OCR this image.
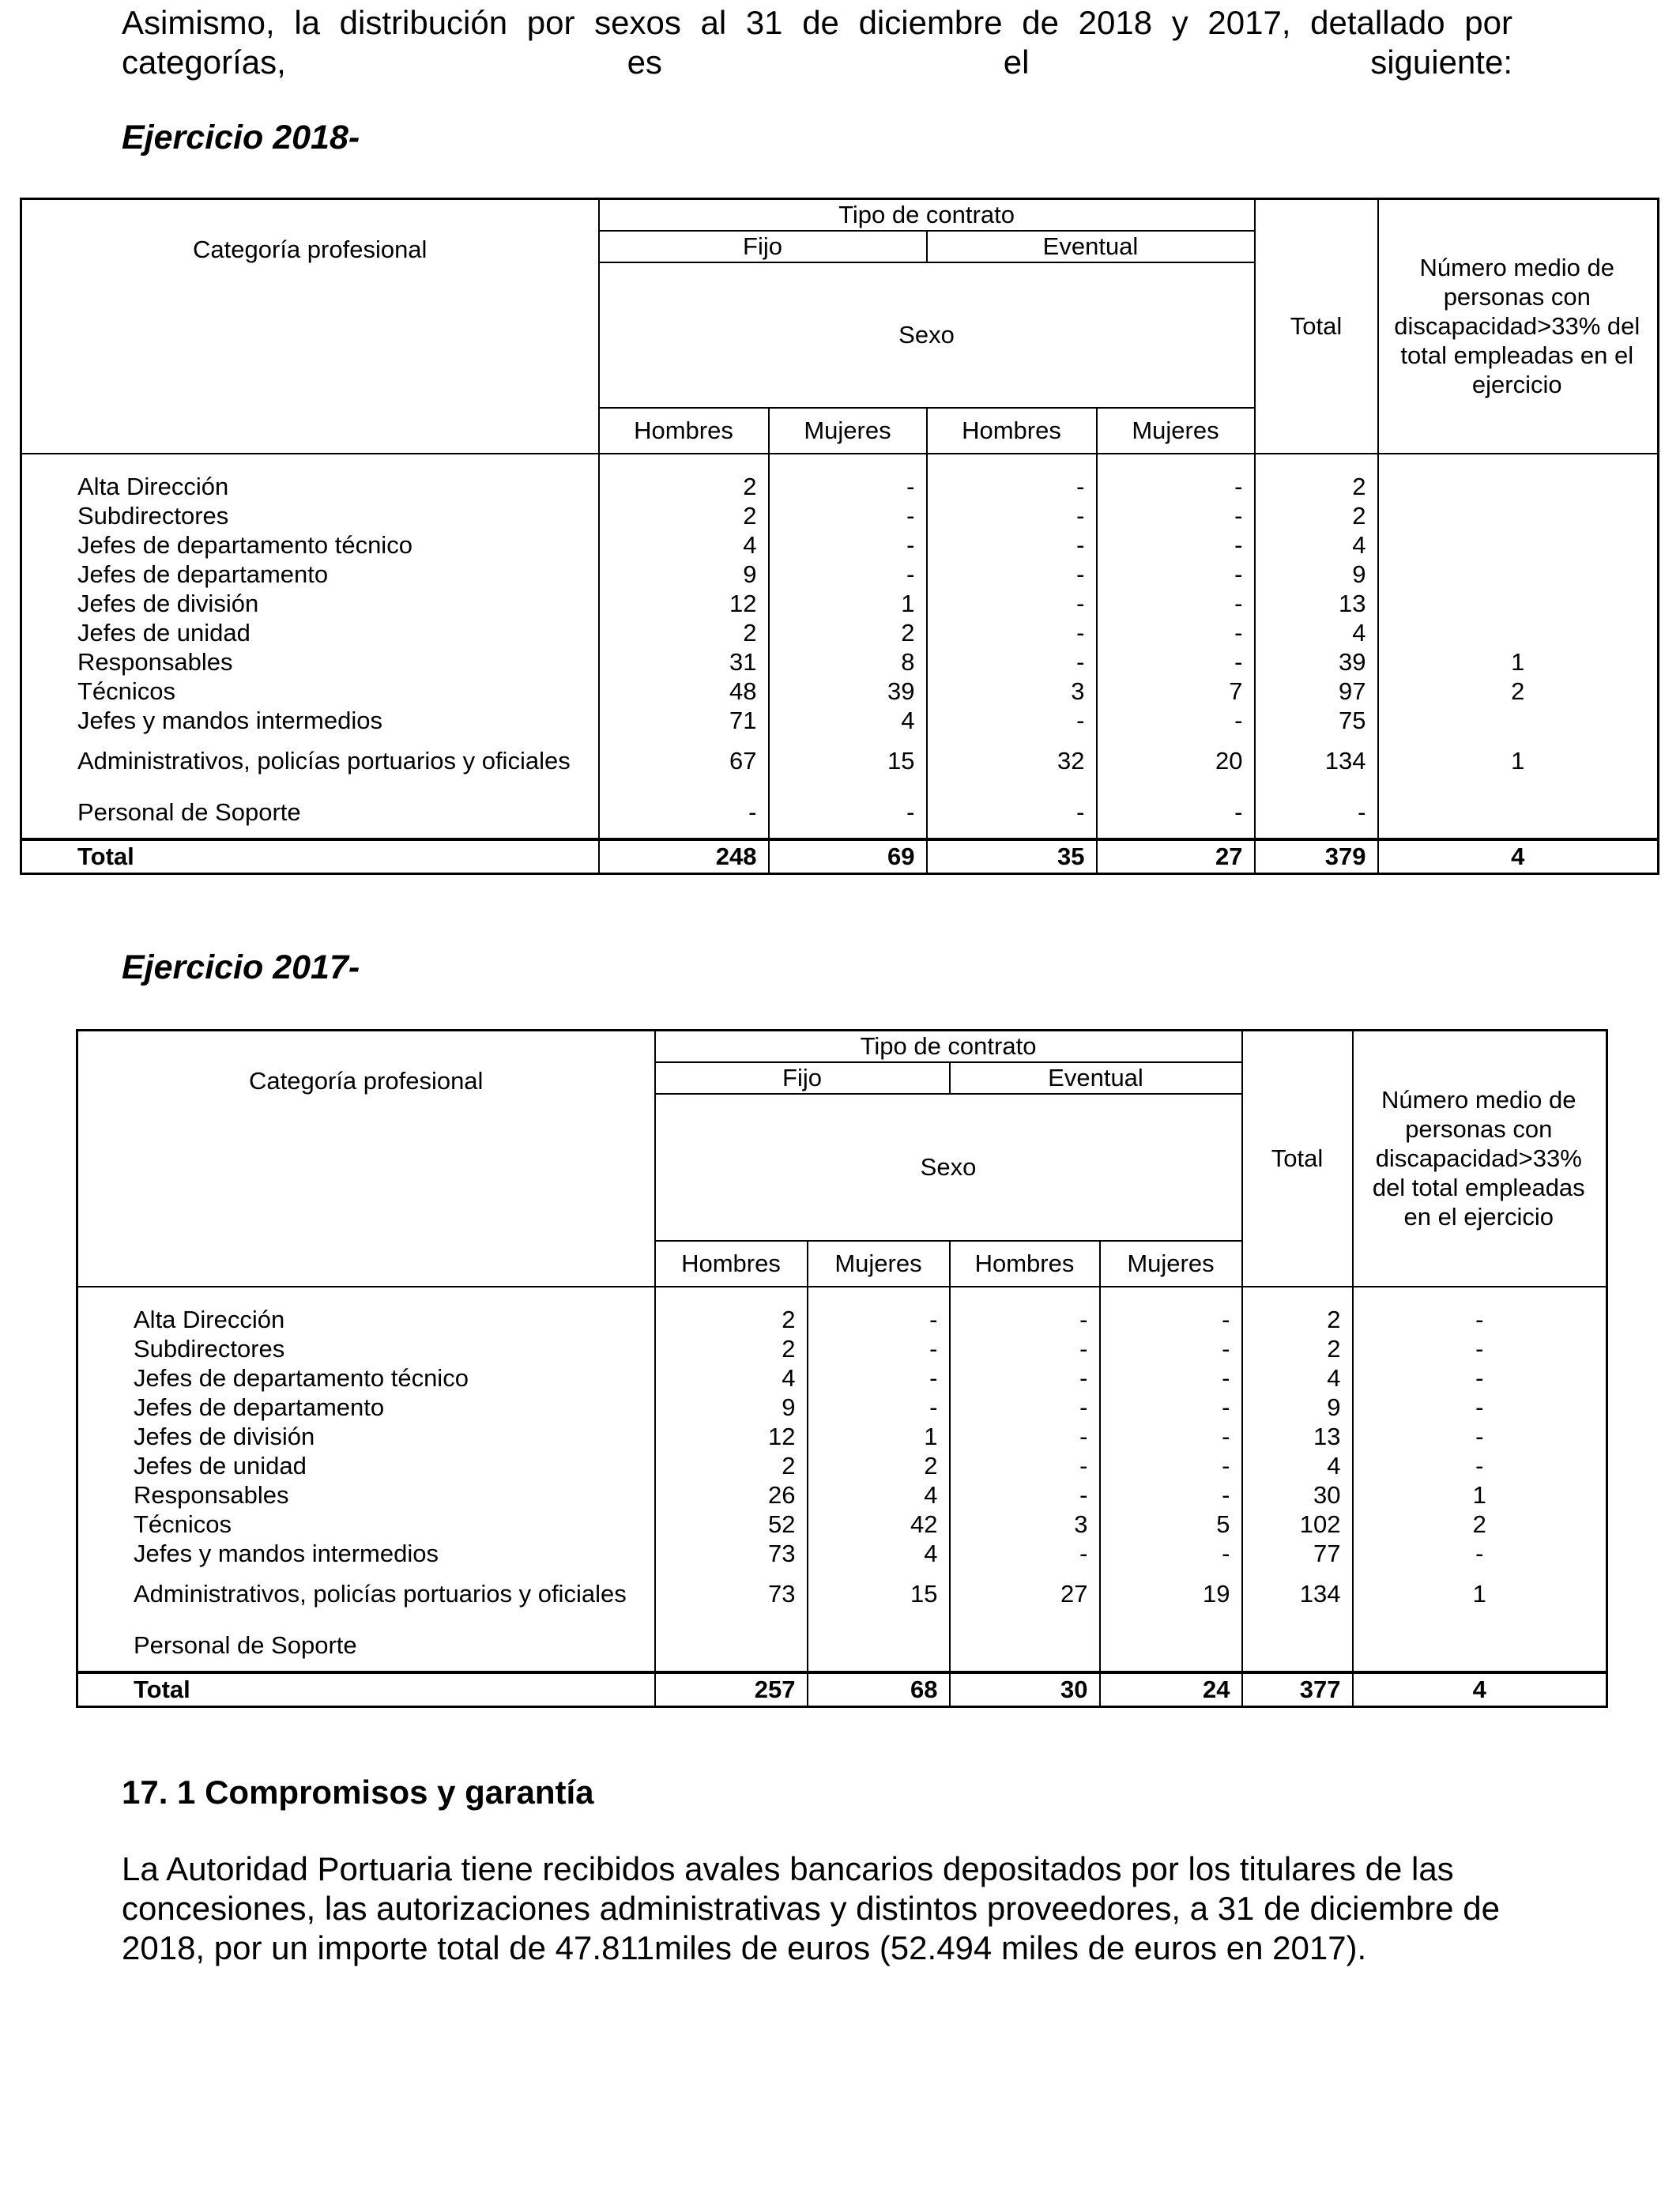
Asimismo, la distribución por sexos al 31 de diciembre de 2018 y 2017, detallado por categorías, es el siguiente:

Ejercicio 2018-

Categoría profesional	Tipo de contrato				Total	Número medio de personas con discapacidad>33% del total empleadas en el ejercicio
	Fijo		Eventual			
	Sexo					
	Hombres	Mujeres	Hombres	Mujeres		

Alta Dirección	2	-	-	-	2	
Subdirectores	2	-	-	-	2	
Jefes de departamento técnico	4	-	-	-	4	
Jefes de departamento	9	-	-	-	9	
Jefes de división	12	1	-	-	13	
Jefes de unidad	2	2	-	-	4	
Responsables	31	8	-	-	39	1
Técnicos	48	39	3	7	97	2
Jefes y mandos intermedios	71	4	-	-	75	
Administrativos, policías portuarios y oficiales	67	15	32	20	134	1
Personal de Soporte	-	-	-	-	-	
Total	248	69	35	27	379	4

Ejercicio 2017-

Categoría profesional	Tipo de contrato				Total	Número medio de personas con discapacidad>33% del total empleadas en el ejercicio
	Fijo		Eventual			
	Sexo					
	Hombres	Mujeres	Hombres	Mujeres		

Alta Dirección	2	-	-	-	2	-
Subdirectores	2	-	-	-	2	-
Jefes de departamento técnico	4	-	-	-	4	-
Jefes de departamento	9	-	-	-	9	-
Jefes de división	12	1	-	-	13	-
Jefes de unidad	2	2	-	-	4	-
Responsables	26	4	-	-	30	1
Técnicos	52	42	3	5	102	2
Jefes y mandos intermedios	73	4	-	-	77	-
Administrativos, policías portuarios y oficiales	73	15	27	19	134	1
Personal de Soporte						
Total	257	68	30	24	377	4

17. 1 Compromisos y garantía

La Autoridad Portuaria tiene recibidos avales bancarios depositados por los titulares de las concesiones, las autorizaciones administrativas y distintos proveedores, a 31 de diciembre de 2018, por un importe total de 47.811miles de euros (52.494 miles de euros en 2017).
